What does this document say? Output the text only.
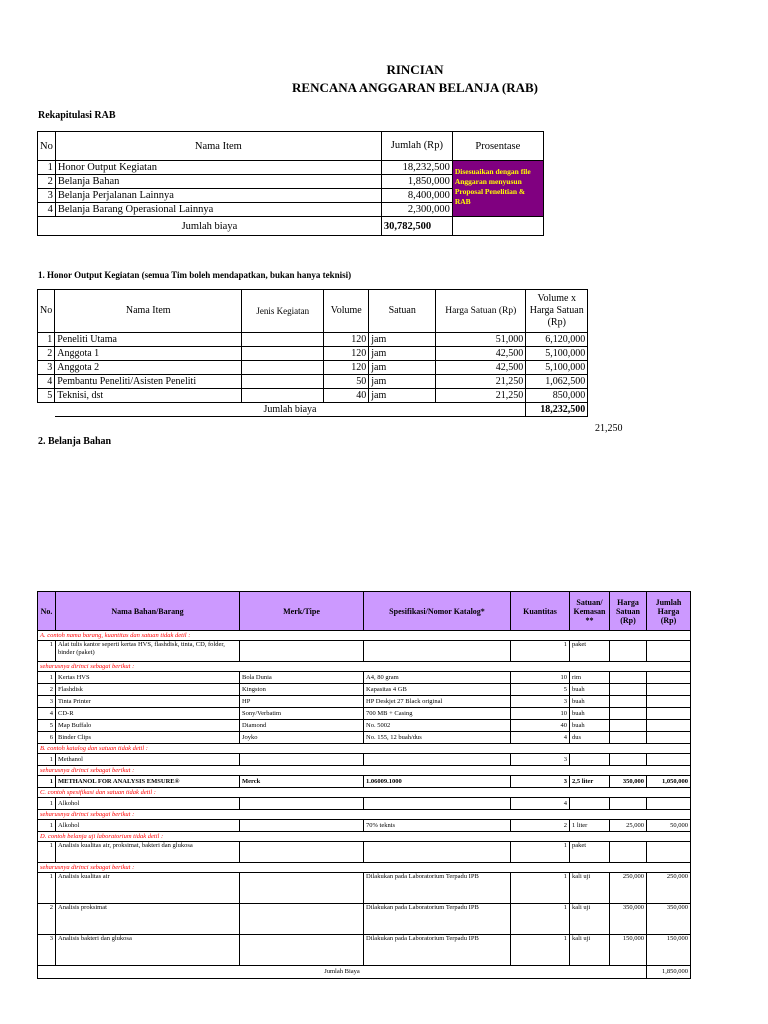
RINCIAN
RENCANA ANGGARAN BELANJA (RAB)
Rekapitulasi RAB
No	Nama Item	Jumlah (Rp)	Prosentase
1	Honor Output Kegiatan	18,232,500	Disesuaikan dengan file Anggaran menyusun Proposal Penelitian & RAB
2	Belanja Bahan	1,850,000	
3	Belanja Perjalanan Lainnya	8,400,000	
4	Belanja Barang Operasional Lainnya	2,300,000	
Jumlah biaya		30,782,500	
1. Honor Output Kegiatan (semua Tim boleh mendapatkan, bukan hanya teknisi)
No	Nama Item	Jenis Kegiatan	Volume	Satuan	Harga Satuan (Rp)	Volume x Harga Satuan (Rp)
1	Peneliti Utama		120	jam	51,000	6,120,000
2	Anggota 1		120	jam	42,500	5,100,000
3	Anggota 2		120	jam	42,500	5,100,000
4	Pembantu Peneliti/Asisten Peneliti		50	jam	21,250	1,062,500
5	Teknisi, dst		40	jam	21,250	850,000
	Jumlah biaya					18,232,500
21,250
2. Belanja Bahan
No.	Nama Bahan/Barang	Merk/Tipe	Spesifikasi/Nomor Katalog*	Kuantitas	Satuan/ Kemasan **	Harga Satuan (Rp)	Jumlah Harga (Rp)
A. contoh nama barang, kuantitas dan satuan tidak detil :							
1	Alat tulis kantor seperti kertas HVS, flashdisk, tinta, CD, folder, binder (paket)			1	paket		
seharusnya dirinci sebagai berikut :							
1	Kertas HVS	Bola Dunia	A4, 80 gram	10	rim		
2	Flashdisk	Kingston	Kapasitas 4 GB	5	buah		
3	Tinta Printer	HP	HP Deskjet 27 Black original	3	buah		
4	CD-R	Sony/Verbatim	700 MB + Casing	10	buah		
5	Map Buffalo	Diamond	No. 5002	40	buah		
6	Binder Clips	Joyko	No. 155, 12 buah/dus	4	dus		
B. contoh katalog dan satuan tidak detil :							
1	Methanol			3			
seharusnya dirinci sebagai berikut :							
1	METHANOL FOR ANALYSIS EMSURE®	Merck	1.06009.1000	3	2,5 liter	350,000	1,050,000
C. contoh spesifikasi dan satuan tidak detil :							
1	Alkohol			4			
seharusnya dirinci sebagai berikut :							
1	Alkohol		70% teknis	2	1 liter	25,000	50,000
D. contoh belanja uji laboratorium tidak detil :							
1	Analisis kualitas air, proksimat, bakteri dan glukosa			1	paket		
seharusnya dirinci sebagai berikut :							
1	Analisis kualitas air		Dilakukan pada Laboratorium Terpadu IPB	1	kali uji	250,000	250,000
2	Analisis proksimat		Dilakukan pada Laboratorium Terpadu IPB	1	kali uji	350,000	350,000
3	Analisis bakteri dan glukosa		Dilakukan pada Laboratorium Terpadu IPB	1	kali uji	150,000	150,000
Jumlah Biaya							1,850,000
